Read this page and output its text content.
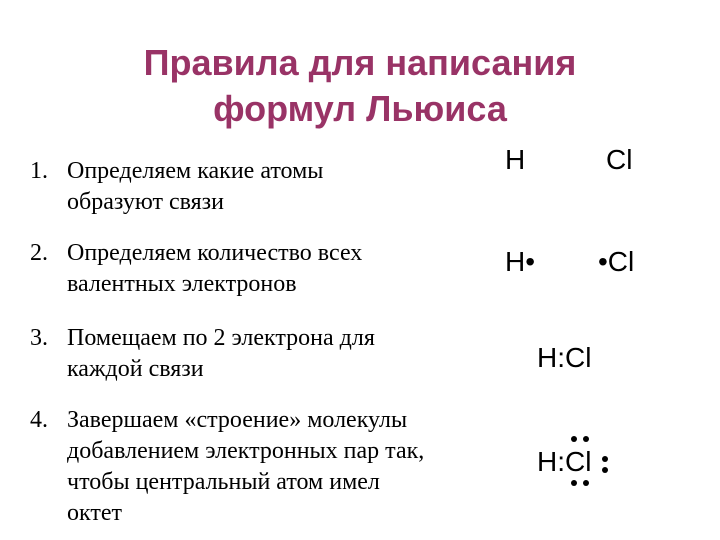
Правила для написания
формул Льюиса
1. Определяем какие атомы
образуют связи
2. Определяем количество всех
валентных электронов
3. Помещаем по 2 электрона для
каждой связи
4. Завершаем «строение» молекулы
добавлением электронных пар так,
чтобы центральный атом имел
октет
H	Cl
H• •Cl
H:Cl
H:Cl
